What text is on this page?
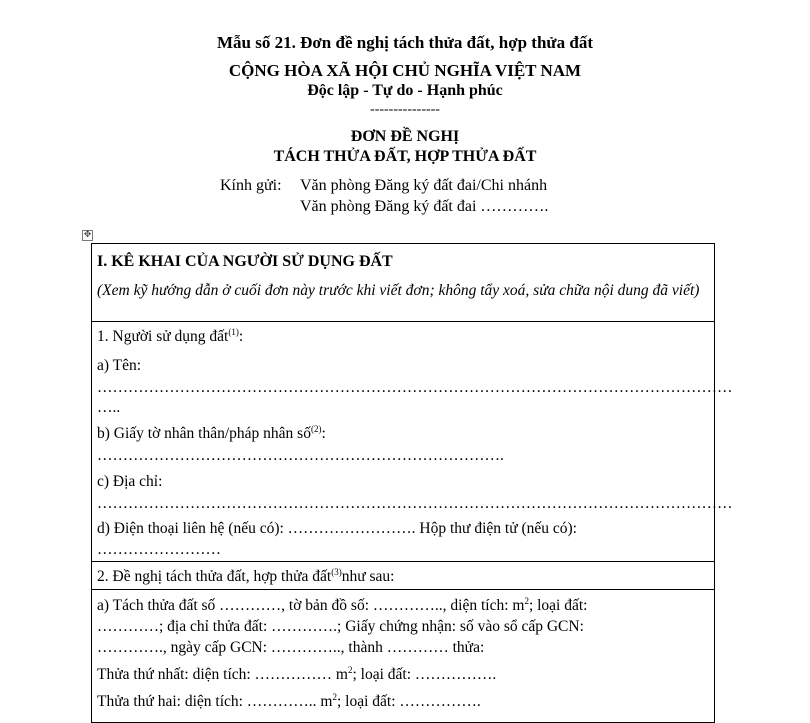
Mẫu số 21. Đơn đề nghị tách thửa đất, hợp thửa đất
CỘNG HÒA XÃ HỘI CHỦ NGHĨA VIỆT NAM
Độc lập - Tự do - Hạnh phúc
---------------
ĐƠN ĐỀ NGHỊ
TÁCH THỬA ĐẤT, HỢP THỬA ĐẤT
Kính gửi: Văn phòng Đăng ký đất đai/Chi nhánh
Văn phòng Đăng ký đất đai ………….
✥
I. KÊ KHAI CỦA NGƯỜI SỬ DỤNG ĐẤT
(Xem kỹ hướng dẫn ở cuối đơn này trước khi viết đơn; không tẩy xoá, sửa chữa nội dung đã viết)
1. Người sử dụng đất$^{(1)}$:
a) Tên:
……………………………………………………………………………………………………………
…..
b) Giấy tờ nhân thân/pháp nhân số$^{(2)}$:
…………………………………………………………………….
c) Địa chỉ:
……………………………………………………………………………………………………………
d) Điện thoại liên hệ (nếu có): ……………………. Hộp thư điện tử (nếu có):
……………………
2. Đề nghị tách thửa đất, hợp thửa đất$^{(3)}$như sau:
a) Tách thửa đất số …………, tờ bản đồ số: ………….., diện tích: $m^2$; loại đất:
…………; địa chỉ thửa đất: ………….; Giấy chứng nhận: số vào sổ cấp GCN:
…………., ngày cấp GCN: ………….., thành ………… thửa:
Thửa thứ nhất: diện tích: …………… $m^2$; loại đất: …………….
Thửa thứ hai: diện tích: ………….. $m^2$; loại đất: …………….
